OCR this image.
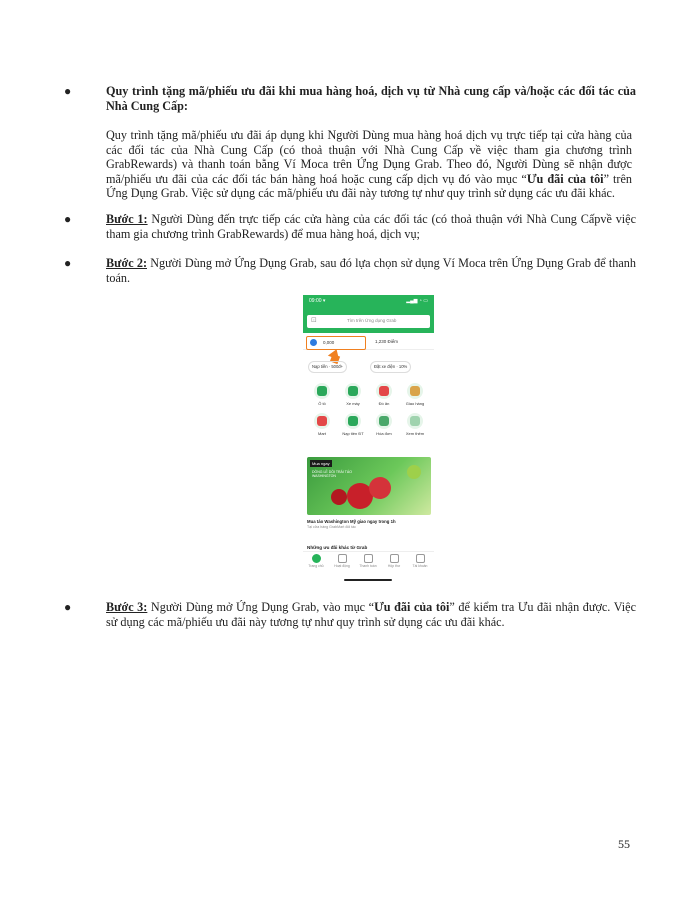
●	Quy trình tặng mã/phiếu ưu đãi khi mua hàng hoá, dịch vụ từ Nhà cung cấp và/hoặc các đối tác của Nhà Cung Cấp:
Quy trình tặng mã/phiếu ưu đãi áp dụng khi Người Dùng mua hàng hoá dịch vụ trực tiếp tại cửa hàng của các đối tác của Nhà Cung Cấp (có thoả thuận với Nhà Cung Cấp về việc tham gia chương trình GrabRewards) và thanh toán bằng Ví Moca trên Ứng Dụng Grab. Theo đó, Người Dùng sẽ nhận được mã/phiếu ưu đãi của các đối tác bán hàng hoá hoặc cung cấp dịch vụ đó vào mục “Ưu đãi của tôi” trên Ứng Dụng Grab. Việc sử dụng các mã/phiếu ưu đãi này tương tự như quy trình sử dụng các ưu đãi khác.
●	Bước 1: Người Dùng đến trực tiếp các cửa hàng của các đối tác (có thoả thuận với Nhà Cung Cấpvề việc tham gia chương trình GrabRewards) để mua hàng hoá, dịch vụ;
●	Bước 2: Người Dùng mở Ứng Dụng Grab, sau đó lựa chọn sử dụng Ví Moca trên Ứng Dụng Grab để thanh toán.
09:00 ▾	▂▄▆ ◔ ▭
⊡	Tìm trên Ứng dụng Grab
0,000	1,230 Điểm
Nạp tiền · 500đ+	Đặt xe điện · 10%
Ô tô	Xe máy	Đồ ăn	Giao hàng
Mart	Nạp tiền ĐT	Hóa đơn	Xem thêm
Mua ngay
DÒNG LỄ DỒI TRÁI TÁO WASHINGTON
Mua táo Washington Mỹ giao ngay trong 1h
Tại cửa hàng GrabMart đối tác
Những ưu đãi khác từ Grab
Trang chủ	Hoạt động	Thanh toán	Hộp thư	Tài khoản
●	Bước 3: Người Dùng mở Ứng Dụng Grab, vào mục “Ưu đãi của tôi” để kiểm tra Ưu đãi nhận được. Việc sử dụng các mã/phiếu ưu đãi này tương tự như quy trình sử dụng các ưu đãi khác.
55
